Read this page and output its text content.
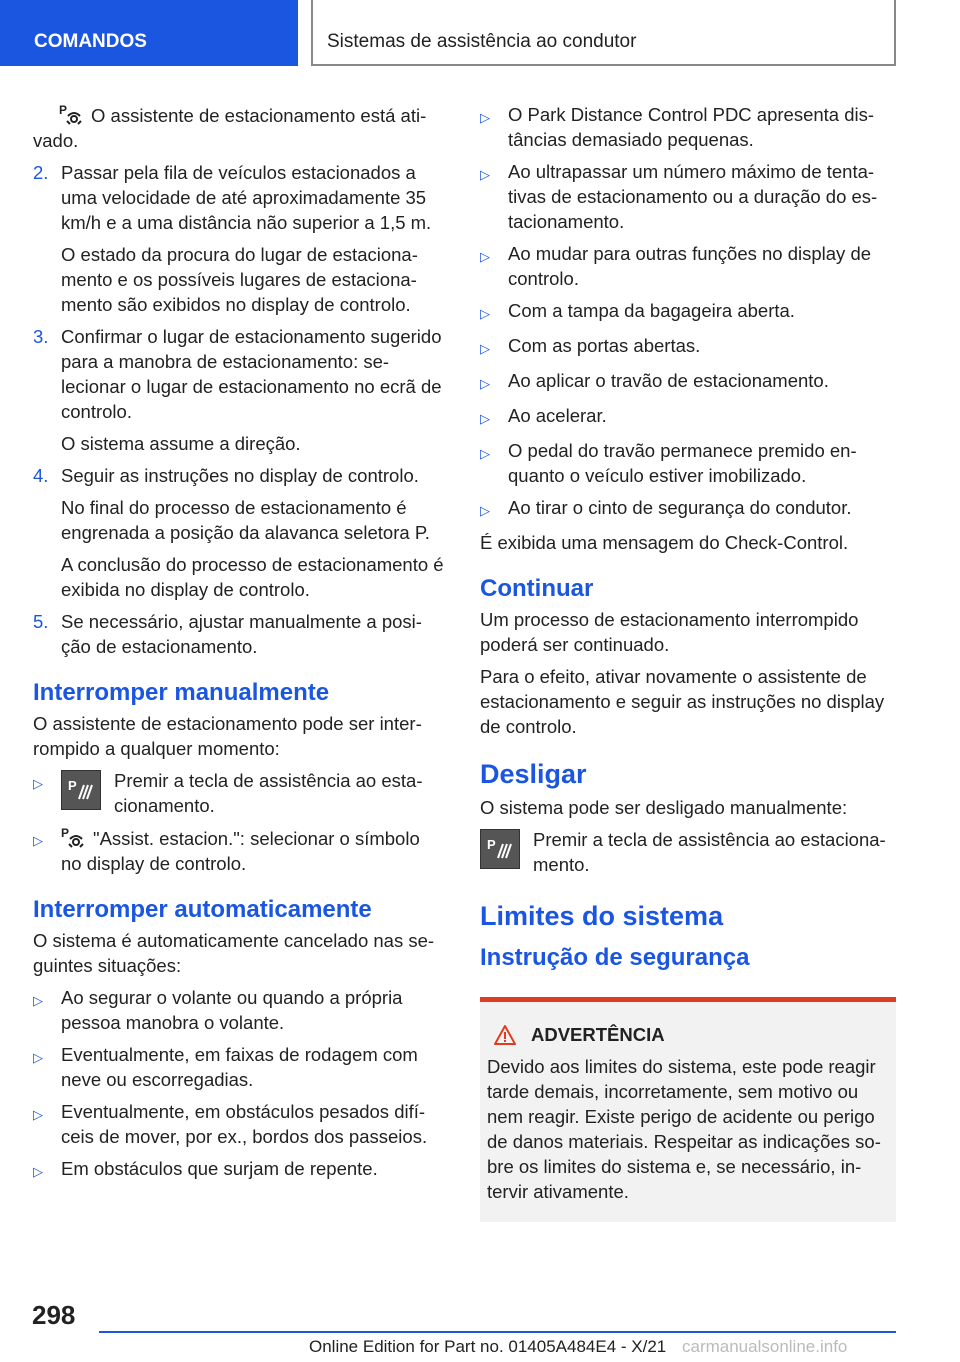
COMANDOS	Sistemas de assistência ao condutor
P O assistente de estacionamento está ativado.
2. Passar pela fila de veículos estacionados a uma velocidade de até aproximadamente 35 km/h e a uma distância não superior a 1,5 m.
O estado da procura do lugar de estacionamento e os possíveis lugares de estacionamento são exibidos no display de controlo.
3. Confirmar o lugar de estacionamento sugerido para a manobra de estacionamento: selecionar o lugar de estacionamento no ecrã de controlo.
O sistema assume a direção.
4. Seguir as instruções no display de controlo.
No final do processo de estacionamento é engrenada a posição da alavanca seletora P.
A conclusão do processo de estacionamento é exibida no display de controlo.
5. Se necessário, ajustar manualmente a posição de estacionamento.
Interromper manualmente
O assistente de estacionamento pode ser interrompido a qualquer momento:
▷	P Premir a tecla de assistência ao estacionamento.
▷	P "Assist. estacion.": selecionar o símbolo no display de controlo.
Interromper automaticamente
O sistema é automaticamente cancelado nas seguintes situações:
▷ Ao segurar o volante ou quando a própria pessoa manobra o volante.
▷ Eventualmente, em faixas de rodagem com neve ou escorregadias.
▷ Eventualmente, em obstáculos pesados difíceis de mover, por ex., bordos dos passeios.
▷ Em obstáculos que surjam de repente.
▷ O Park Distance Control PDC apresenta distâncias demasiado pequenas.
▷ Ao ultrapassar um número máximo de tentativas de estacionamento ou a duração do estacionamento.
▷ Ao mudar para outras funções no display de controlo.
▷ Com a tampa da bagageira aberta.
▷ Com as portas abertas.
▷ Ao aplicar o travão de estacionamento.
▷ Ao acelerar.
▷ O pedal do travão permanece premido enquanto o veículo estiver imobilizado.
▷ Ao tirar o cinto de segurança do condutor.
É exibida uma mensagem do Check-Control.
Continuar
Um processo de estacionamento interrompido poderá ser continuado.
Para o efeito, ativar novamente o assistente de estacionamento e seguir as instruções no display de controlo.
Desligar
O sistema pode ser desligado manualmente:
P Premir a tecla de assistência ao estacionamento.
Limites do sistema
Instrução de segurança
ADVERTÊNCIA
Devido aos limites do sistema, este pode reagir tarde demais, incorretamente, sem motivo ou nem reagir. Existe perigo de acidente ou perigo de danos materiais. Respeitar as indicações sobre os limites do sistema e, se necessário, intervir ativamente.
298
Online Edition for Part no. 01405A484E4 - X/21 carmanualsonline.info
